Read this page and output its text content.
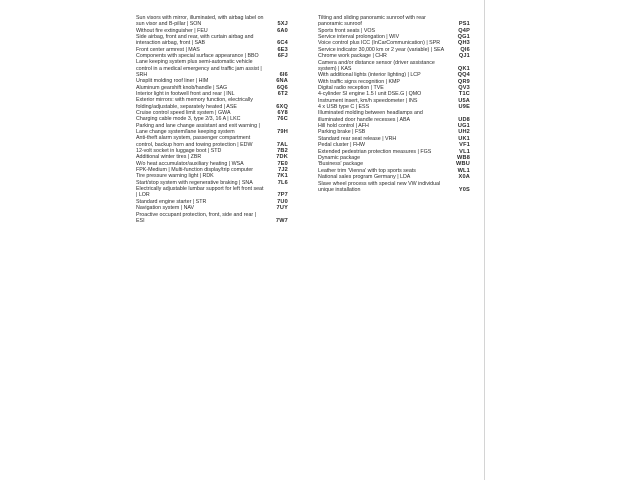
Sun visors with mirror, illuminated, with airbag label on sun visor and B-pillar | SON	5XJ
Without fire extinguisher | FEU	6A0
Side airbag, front and rear, with curtain airbag and interaction airbag, front | SAB	6C4
Front center armrest | MAS	6E3
Components with special surface appearance | BBO	6FJ
Lane keeping system plus semi-automatic vehicle control in a medical emergency and traffic jam assist | SRH	6I6
Unsplit molding roof liner | HIM	6NA
Aluminum gearshift knob/handle | SAG	6Q6
Interior light in footwell front and rear | INL	6T2
Exterior mirrors: with memory function, electrically folding/adjustable, separately heated | ASE	6XQ
Cruise control speed limit system | GWA	6Y8
Charging cable mode 3, type 2/3, 16 A | LKC	76C
Parking and lane change assistant and exit warning | Lane change system/lane keeping system	79H
Anti-theft alarm system, passenger compartment control, backup horn and towing protection | EDW	7AL
12-volt socket in luggage boot | STD	7B2
Additional winter tires | ZBR	7DK
W/o heat accumulator/auxiliary heating | WSA	7E0
FPK-Medium | Multi-function display/trip computer	7J2
Tire pressure warning light | RDK	7K1
Start/stop system with regenerative braking | SNA	7L6
Electrically adjustable lumbar support for left front seat | LOR	7P7
Standard engine starter | STR	7U0
Navigation system | NAV	7UY
Proactive occupant protection, front, side and rear | ESI	7W7
Tilting and sliding panoramic sunroof with rear panoramic sunroof	PS1
Sports front seats | VOS	Q4P
Service interval prolongation | WIV	QG1
Voice control plus ICC (InCarCommunication) | SPR	QH3
Service indicator 30,000 km or 2 year (variable) | SEA	QI6
Chrome work package | CHR	QJ1
Camera and/or distance sensor (driver assistance system) | KAS	QK1
With additional lights (interior lighting) | LCP	QQ4
With traffic signs recognition | KMP	QR9
Digital radio reception | TVE	QV3
4-cylinder SI engine 1.5 l unit DSE.G | QMO	T1C
Instrument insert, km/h speedometer | INS	U5A
4 x USB type C | ESS	U9E
Illuminated molding between headlamps and illuminated door handle recesses | ABA	UD8
Hill hold control | AFH	UG1
Parking brake | FSB	UH2
Standard rear seat release | VRH	UK1
Pedal cluster | FHW	VF1
Extended pedestrian protection measures | FGS	VL1
Dynamic package	WB8
'Business' package	WBU
Leather trim 'Vienna' with top sports seats	WL1
National sales program Germany | LDA	X0A
Slave wheel process with special new VW individual unique installation	Y0S
